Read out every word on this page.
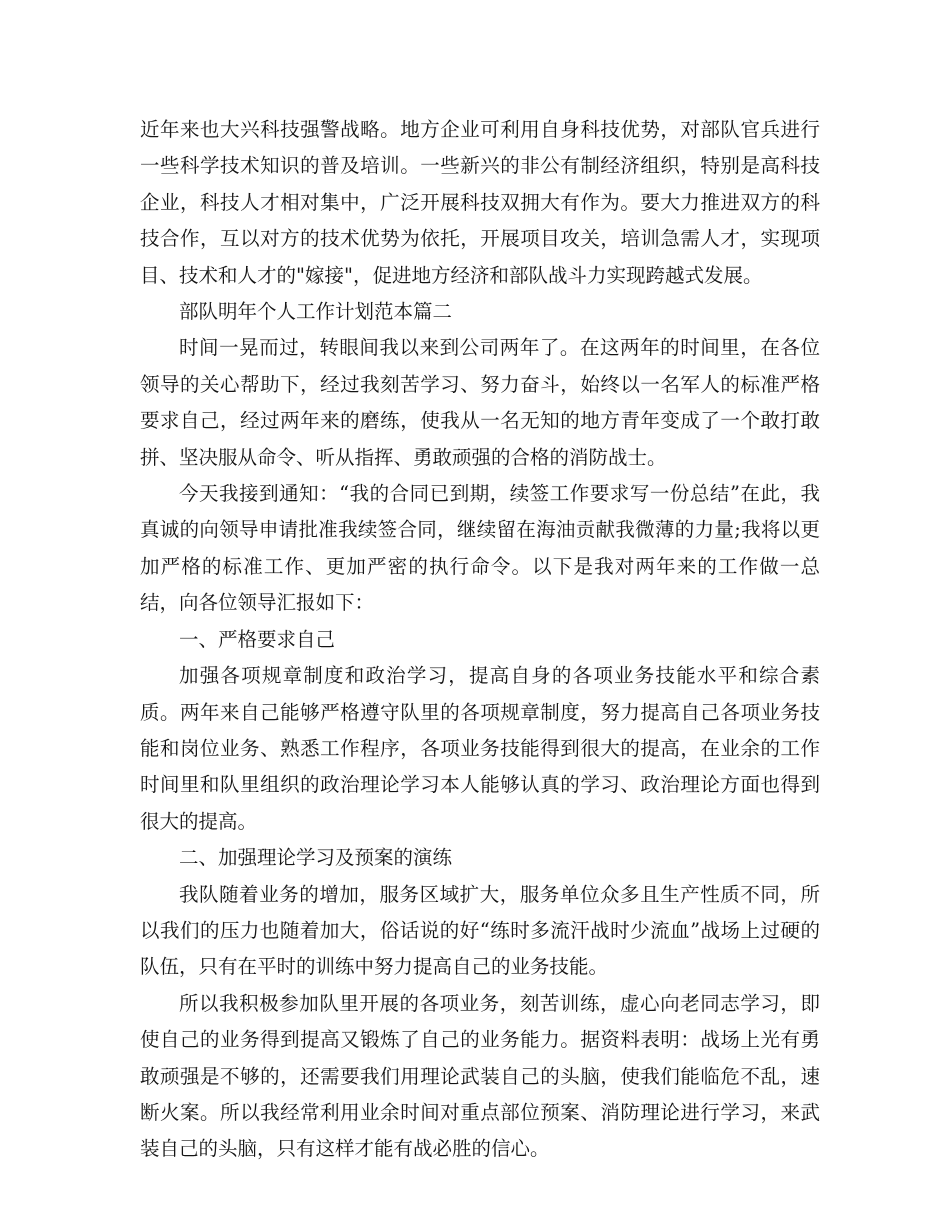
近年来也大兴科技强警战略。地方企业可利用自身科技优势，对部队官兵进行一些科学技术知识的普及培训。一些新兴的非公有制经济组织，特别是高科技企业，科技人才相对集中，广泛开展科技双拥大有作为。要大力推进双方的科技合作，互以对方的技术优势为依托，开展项目攻关，培训急需人才，实现项目、技术和人才的"嫁接"，促进地方经济和部队战斗力实现跨越式发展。

部队明年个人工作计划范本篇二

时间一晃而过，转眼间我以来到公司两年了。在这两年的时间里，在各位领导的关心帮助下，经过我刻苦学习、努力奋斗，始终以一名军人的标准严格要求自己，经过两年来的磨练，使我从一名无知的地方青年变成了一个敢打敢拼、坚决服从命令、听从指挥、勇敢顽强的合格的消防战士。

今天我接到通知：“我的合同已到期，续签工作要求写一份总结”在此，我真诚的向领导申请批准我续签合同，继续留在海油贡献我微薄的力量;我将以更加严格的标准工作、更加严密的执行命令。以下是我对两年来的工作做一总结，向各位领导汇报如下：

一、严格要求自己

加强各项规章制度和政治学习，提高自身的各项业务技能水平和综合素质。两年来自己能够严格遵守队里的各项规章制度，努力提高自己各项业务技能和岗位业务、熟悉工作程序，各项业务技能得到很大的提高，在业余的工作时间里和队里组织的政治理论学习本人能够认真的学习、政治理论方面也得到很大的提高。

二、加强理论学习及预案的演练

我队随着业务的增加，服务区域扩大，服务单位众多且生产性质不同，所以我们的压力也随着加大，俗话说的好“练时多流汗战时少流血”战场上过硬的队伍，只有在平时的训练中努力提高自己的业务技能。

所以我积极参加队里开展的各项业务，刻苦训练，虚心向老同志学习，即使自己的业务得到提高又锻炼了自己的业务能力。据资料表明：战场上光有勇敢顽强是不够的，还需要我们用理论武装自己的头脑，使我们能临危不乱，速断火案。所以我经常利用业余时间对重点部位预案、消防理论进行学习，来武装自己的头脑，只有这样才能有战必胜的信心。
